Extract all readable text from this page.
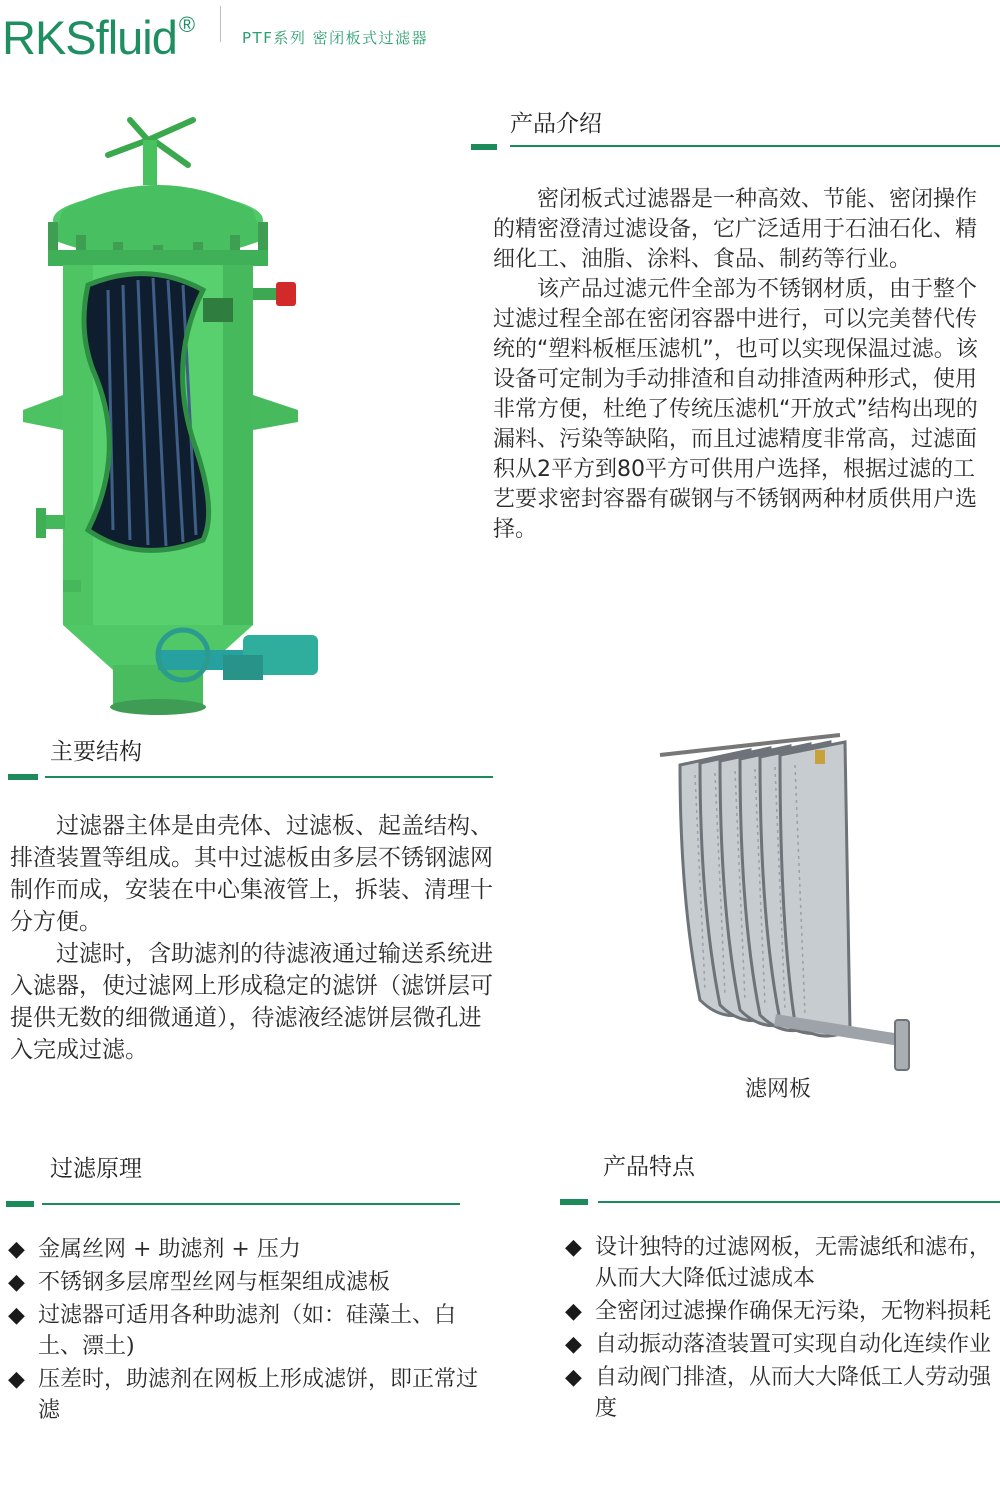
RKSfluid®
PTF系列 密闭板式过滤器
产品介绍

密闭板式过滤器是一种高效、节能、密闭操作的精密澄清过滤设备，它广泛适用于石油石化、精细化工、油脂、涂料、食品、制药等行业。

该产品过滤元件全部为不锈钢材质，由于整个过滤过程全部在密闭容器中进行，可以完美替代传统的“塑料板框压滤机”，也可以实现保温过滤。该设备可定制为手动排渣和自动排渣两种形式，使用非常方便，杜绝了传统压滤机“开放式”结构出现的漏料、污染等缺陷，而且过滤精度非常高，过滤面积从2平方到80平方可供用户选择，根据过滤的工艺要求密封容器有碳钢与不锈钢两种材质供用户选择。

主要结构

过滤器主体是由壳体、过滤板、起盖结构、排渣装置等组成。其中过滤板由多层不锈钢滤网制作而成，安装在中心集液管上，拆装、清理十分方便。

过滤时，含助滤剂的待滤液通过输送系统进入滤器，使过滤网上形成稳定的滤饼（滤饼层可提供无数的细微通道），待滤液经滤饼层微孔进入完成过滤。

滤网板
过滤原理
◆ 金属丝网 + 助滤剂 + 压力
◆ 不锈钢多层席型丝网与框架组成滤板
◆ 过滤器可适用各种助滤剂（如：硅藻土、白土、漂土)
◆ 压差时，助滤剂在网板上形成滤饼，即正常过滤
产品特点
◆ 设计独特的过滤网板，无需滤纸和滤布，从而大大降低过滤成本
◆ 全密闭过滤操作确保无污染，无物料损耗
◆ 自动振动落渣装置可实现自动化连续作业
◆ 自动阀门排渣，从而大大降低工人劳动强度
